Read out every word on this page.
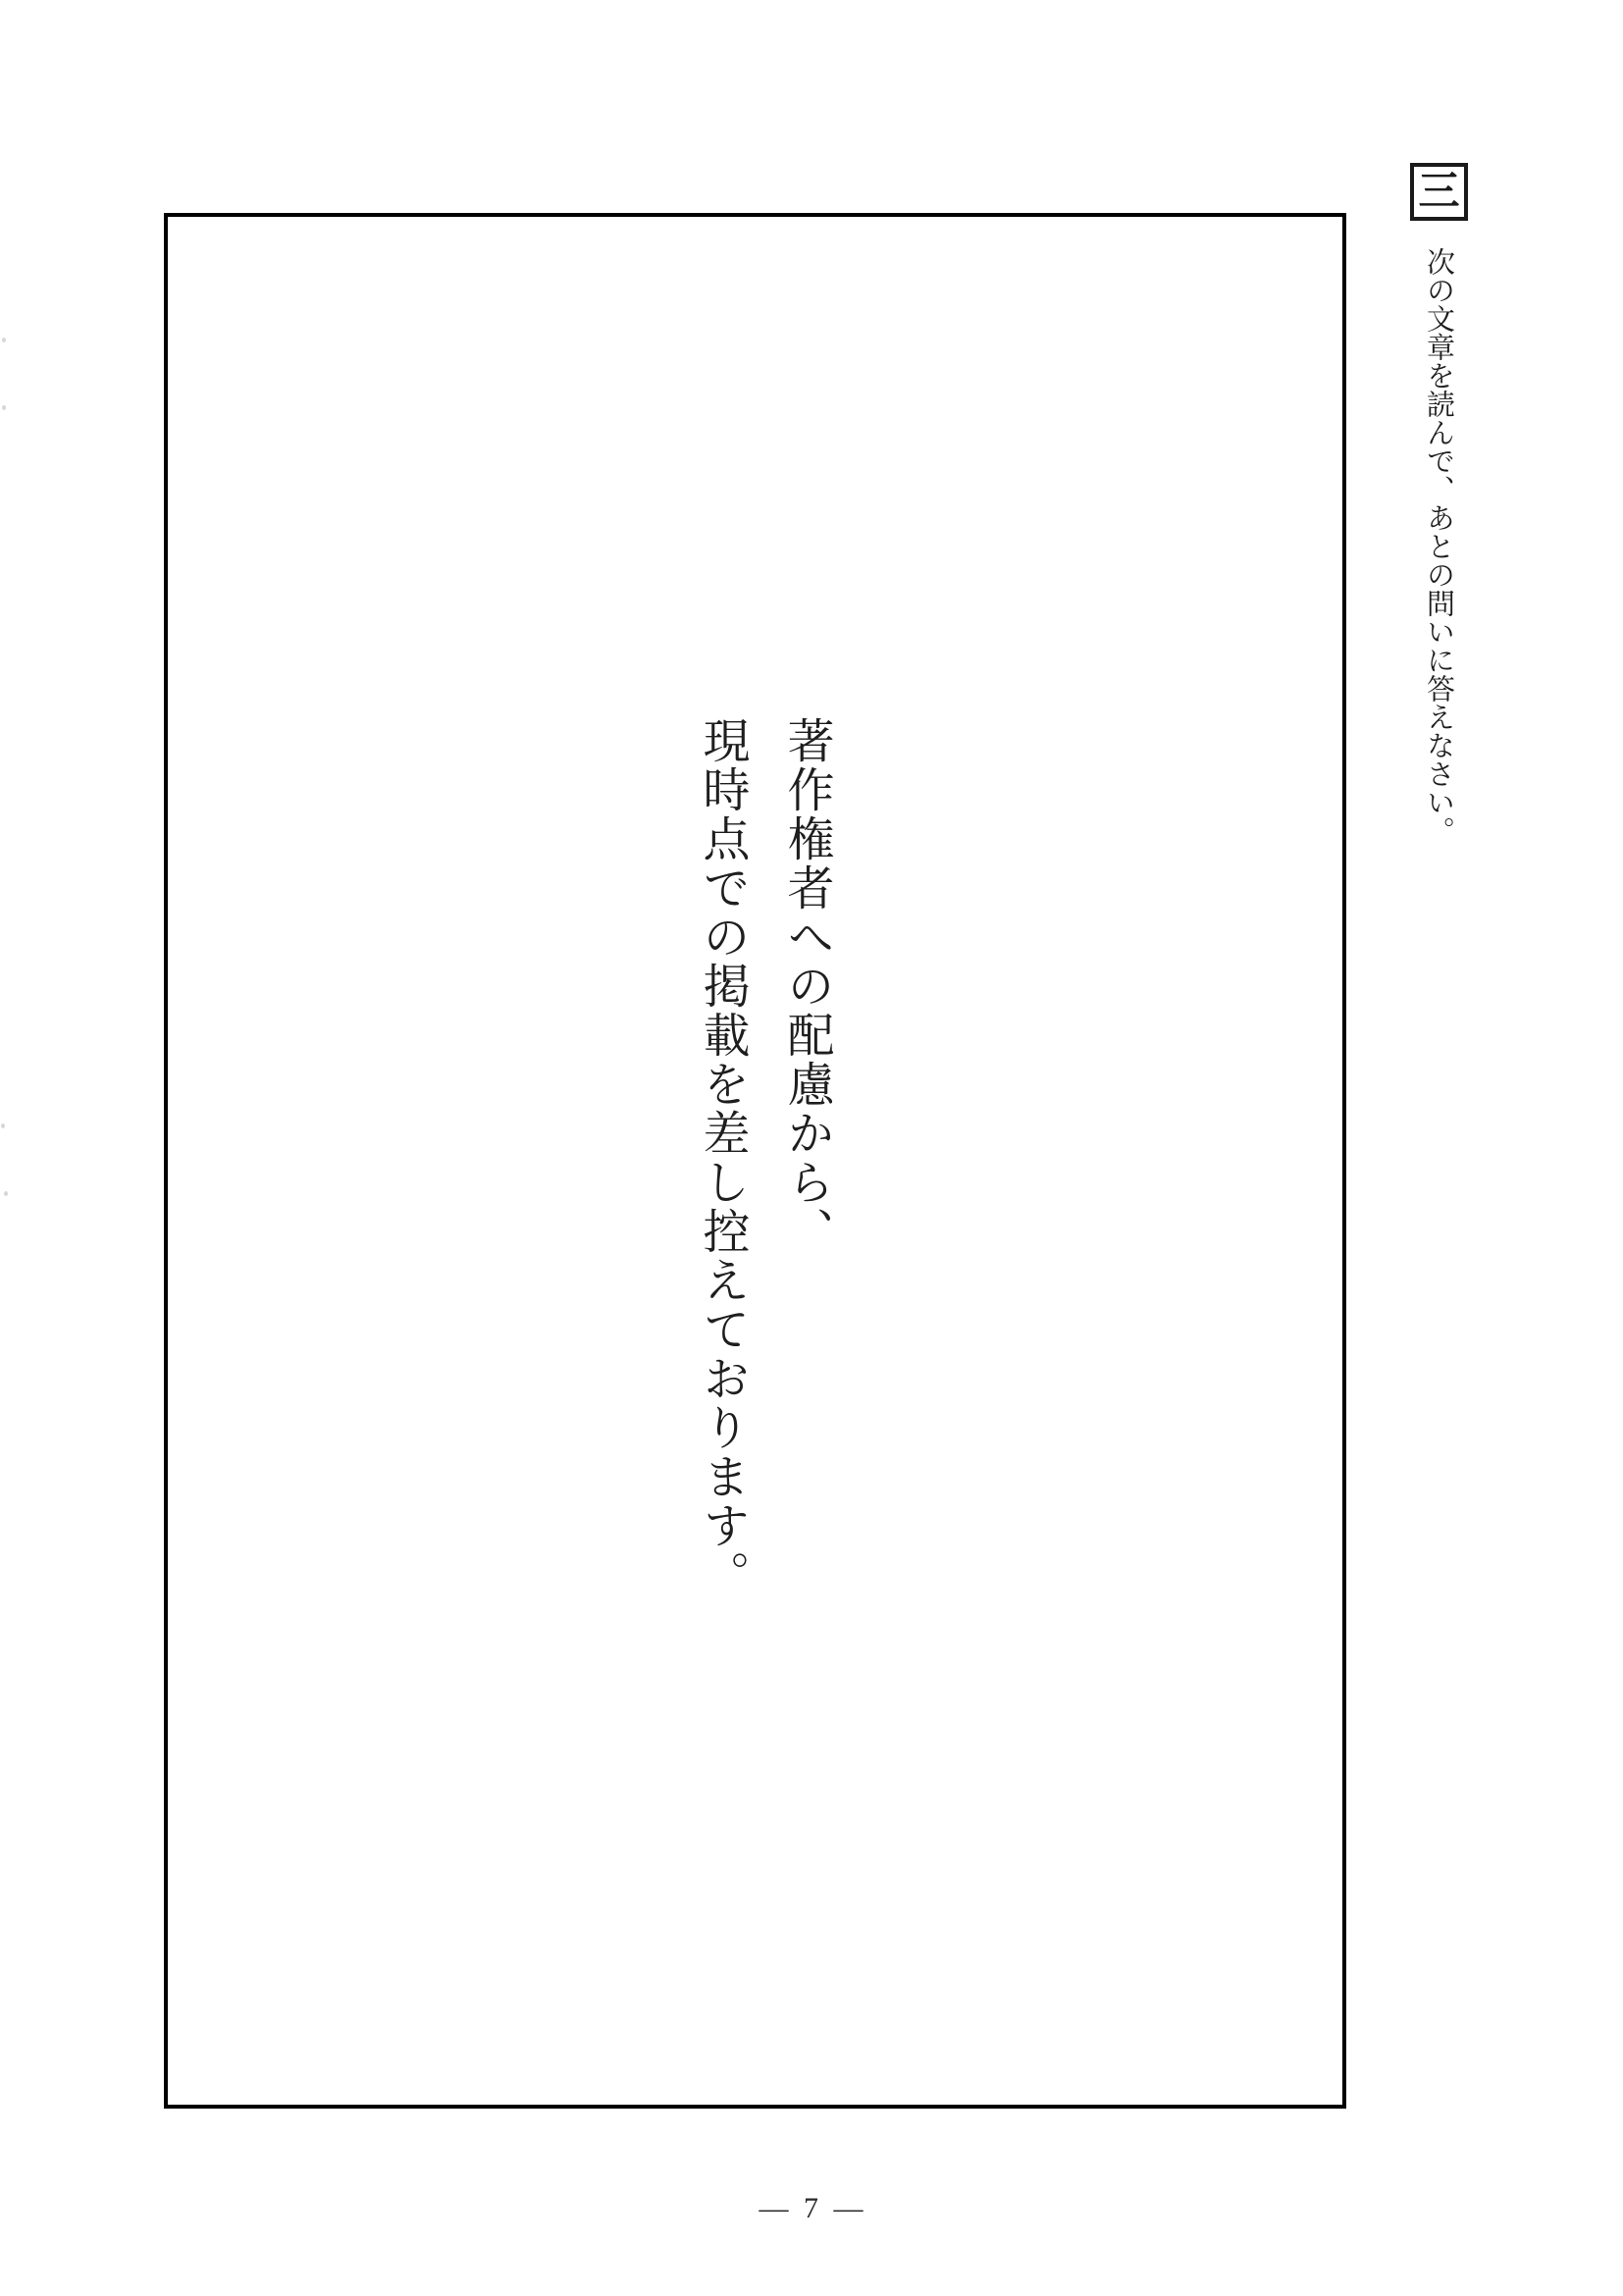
三
次の文章を読んで、あとの問いに答えなさい。
著作権者への配慮から、
現時点での掲載を差し控えております。
— 7 —
